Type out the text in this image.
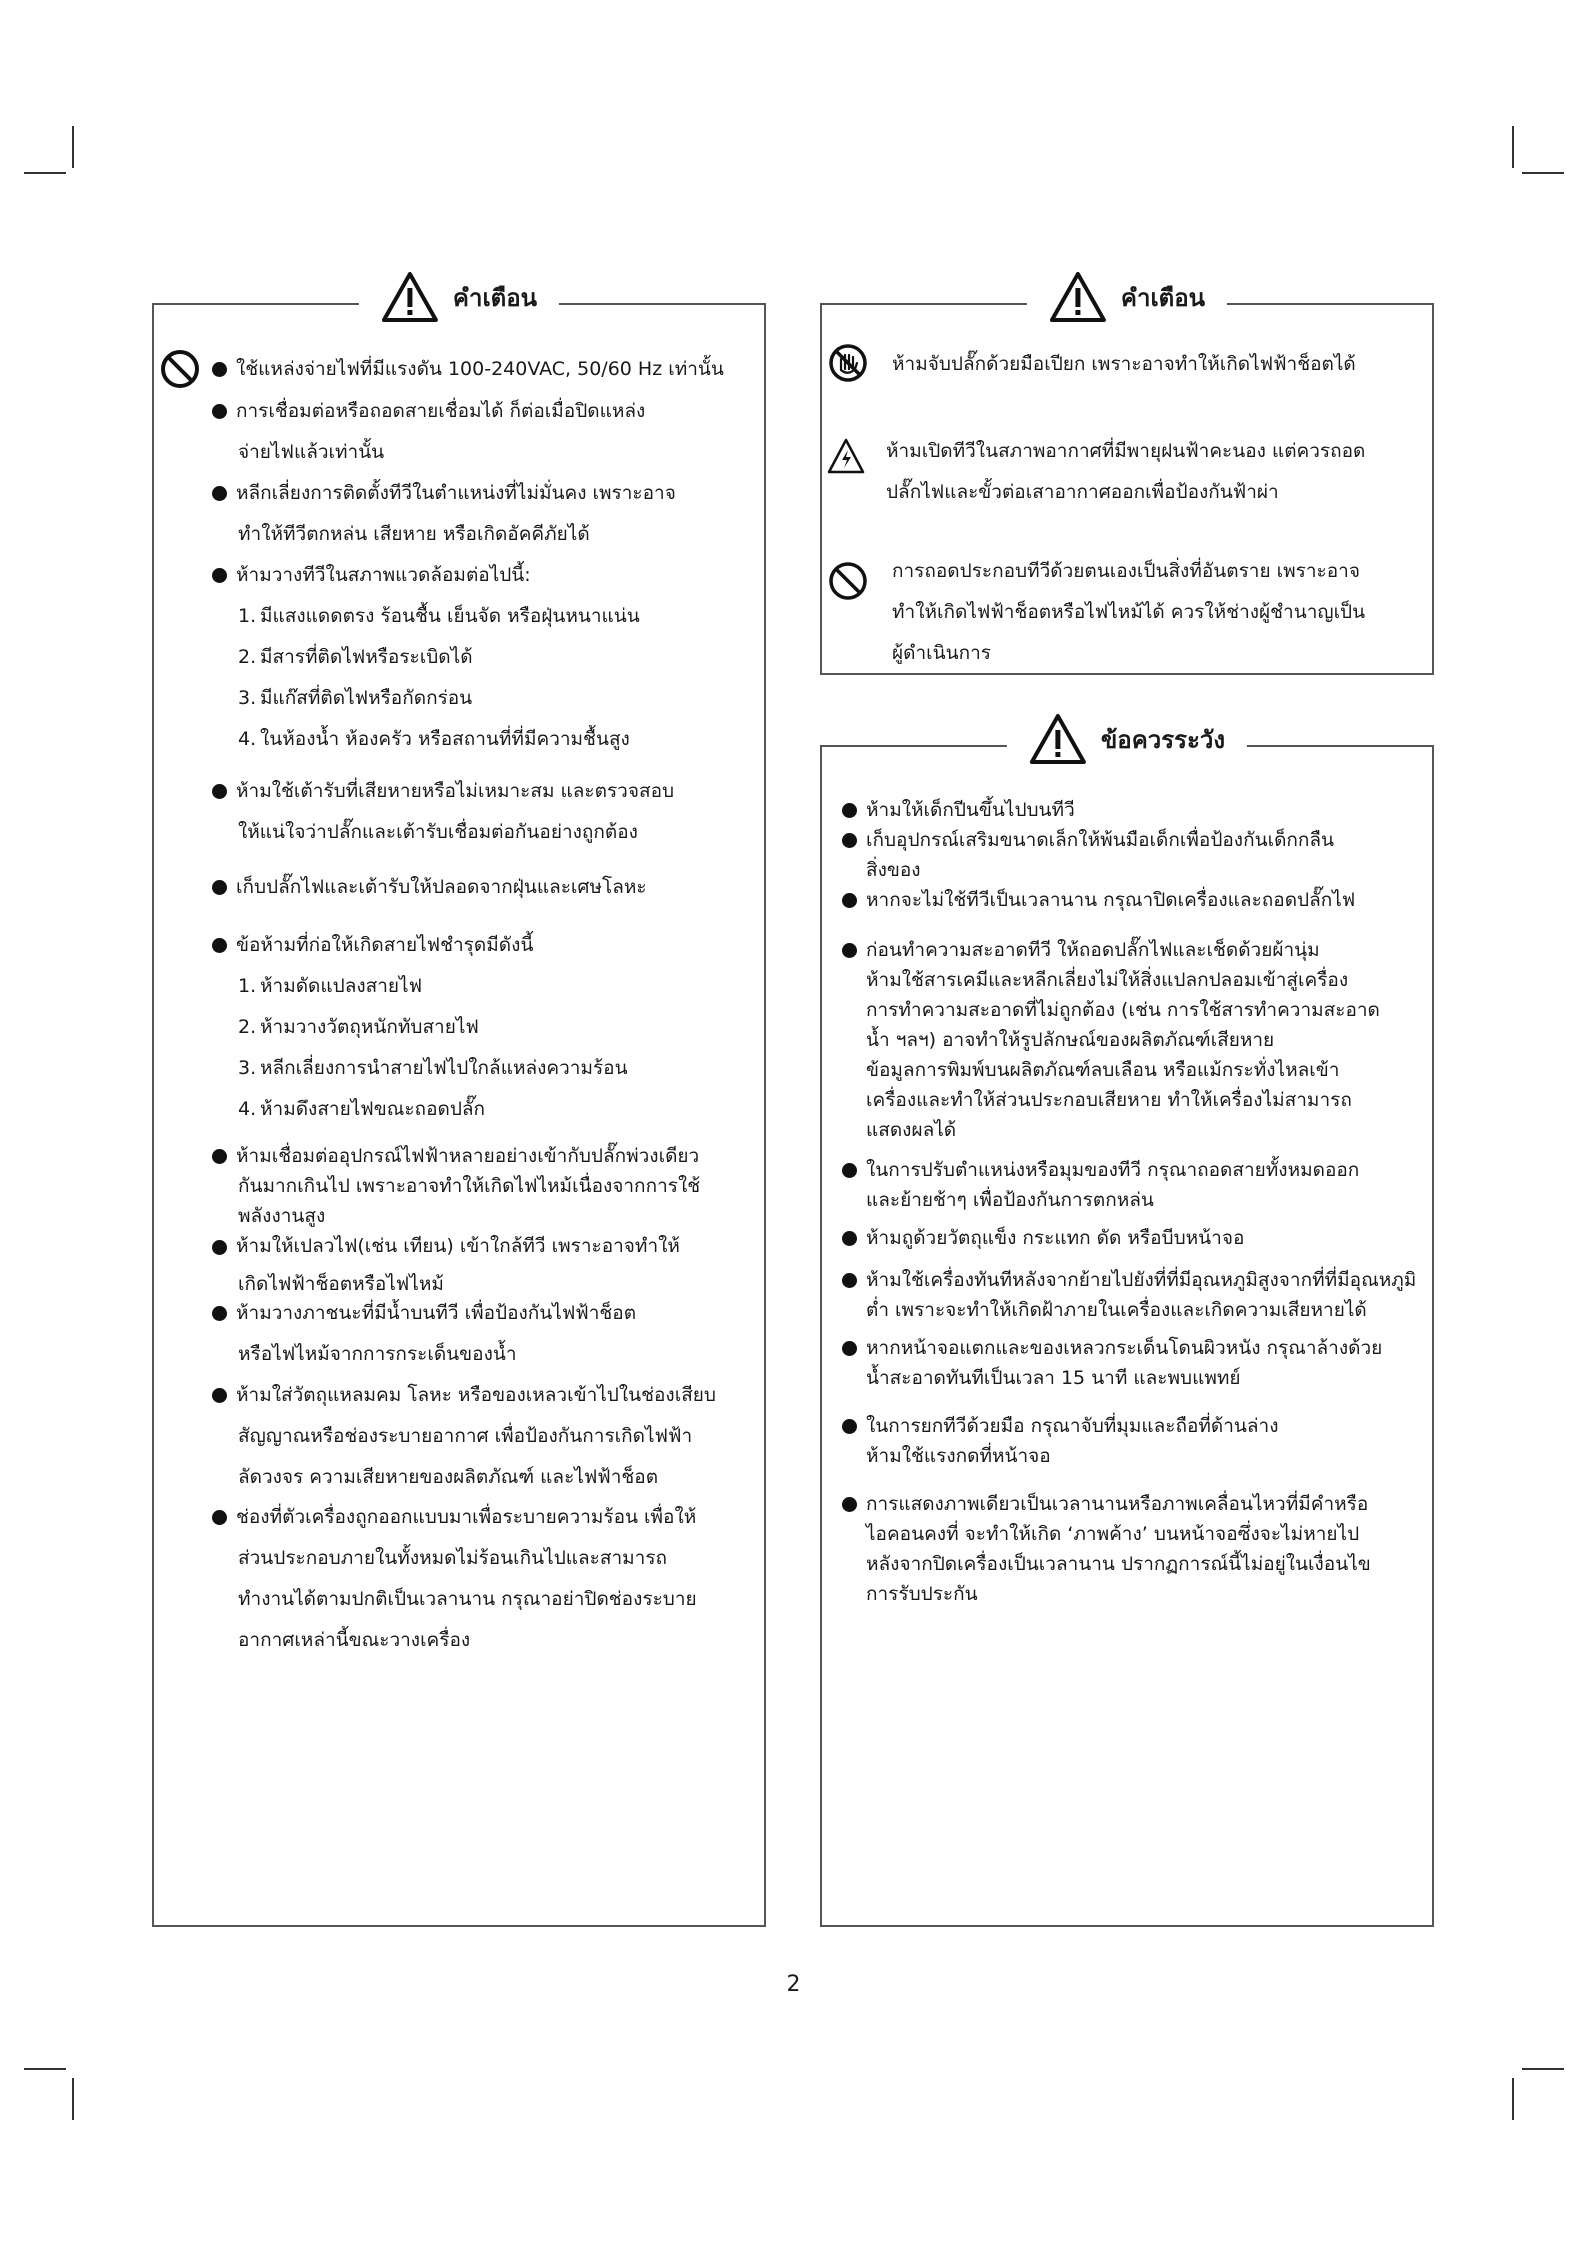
คำเตือน
ใช้แหล่งจ่ายไฟที่มีแรงดัน 100-240VAC, 50/60 Hz เท่านั้น
การเชื่อมต่อหรือถอดสายเชื่อมได้ ก็ต่อเมื่อปิดแหล่ง
จ่ายไฟแล้วเท่านั้น
หลีกเลี่ยงการติดตั้งทีวีในตำแหน่งที่ไม่มั่นคง เพราะอาจ
ทำให้ทีวีตกหล่น เสียหาย หรือเกิดอัคคีภัยได้
ห้ามวางทีวีในสภาพแวดล้อมต่อไปนี้:
1. มีแสงแดดตรง ร้อนชื้น เย็นจัด หรือฝุ่นหนาแน่น
2. มีสารที่ติดไฟหรือระเบิดได้
3. มีแก๊สที่ติดไฟหรือกัดกร่อน
4. ในห้องน้ำ ห้องครัว หรือสถานที่ที่มีความชื้นสูง
ห้ามใช้เต้ารับที่เสียหายหรือไม่เหมาะสม และตรวจสอบ
ให้แน่ใจว่าปลั๊กและเต้ารับเชื่อมต่อกันอย่างถูกต้อง
เก็บปลั๊กไฟและเต้ารับให้ปลอดจากฝุ่นและเศษโลหะ
ข้อห้ามที่ก่อให้เกิดสายไฟชำรุดมีดังนี้
1. ห้ามดัดแปลงสายไฟ
2. ห้ามวางวัตถุหนักทับสายไฟ
3. หลีกเลี่ยงการนำสายไฟไปใกล้แหล่งความร้อน
4. ห้ามดึงสายไฟขณะถอดปลั๊ก
ห้ามเชื่อมต่ออุปกรณ์ไฟฟ้าหลายอย่างเข้ากับปลั๊กพ่วงเดียว
กันมากเกินไป เพราะอาจทำให้เกิดไฟไหม้เนื่องจากการใช้
พลังงานสูง
ห้ามให้เปลวไฟ(เช่น เทียน) เข้าใกล้ทีวี เพราะอาจทำให้
เกิดไฟฟ้าช็อตหรือไฟไหม้
ห้ามวางภาชนะที่มีน้ำบนทีวี เพื่อป้องกันไฟฟ้าช็อต
หรือไฟไหม้จากการกระเด็นของน้ำ
ห้ามใส่วัตถุแหลมคม โลหะ หรือของเหลวเข้าไปในช่องเสียบ
สัญญาณหรือช่องระบายอากาศ เพื่อป้องกันการเกิดไฟฟ้า
ลัดวงจร ความเสียหายของผลิตภัณฑ์ และไฟฟ้าช็อต
ช่องที่ตัวเครื่องถูกออกแบบมาเพื่อระบายความร้อน เพื่อให้
ส่วนประกอบภายในทั้งหมดไม่ร้อนเกินไปและสามารถ
ทำงานได้ตามปกติเป็นเวลานาน กรุณาอย่าปิดช่องระบาย
อากาศเหล่านี้ขณะวางเครื่อง
คำเตือน
ห้ามจับปลั๊กด้วยมือเปียก เพราะอาจทำให้เกิดไฟฟ้าช็อตได้
ห้ามเปิดทีวีในสภาพอากาศที่มีพายุฝนฟ้าคะนอง แต่ควรถอด
ปลั๊กไฟและขั้วต่อเสาอากาศออกเพื่อป้องกันฟ้าผ่า
การถอดประกอบทีวีด้วยตนเองเป็นสิ่งที่อันตราย เพราะอาจ
ทำให้เกิดไฟฟ้าช็อตหรือไฟไหม้ได้ ควรให้ช่างผู้ชำนาญเป็น
ผู้ดำเนินการ
ข้อควรระวัง
ห้ามให้เด็กปีนขึ้นไปบนทีวี
เก็บอุปกรณ์เสริมขนาดเล็กให้พ้นมือเด็กเพื่อป้องกันเด็กกลืน
สิ่งของ
หากจะไม่ใช้ทีวีเป็นเวลานาน กรุณาปิดเครื่องและถอดปลั๊กไฟ
ก่อนทำความสะอาดทีวี ให้ถอดปลั๊กไฟและเช็ดด้วยผ้านุ่ม
ห้ามใช้สารเคมีและหลีกเลี่ยงไม่ให้สิ่งแปลกปลอมเข้าสู่เครื่อง
การทำความสะอาดที่ไม่ถูกต้อง (เช่น การใช้สารทำความสะอาด
น้ำ ฯลฯ) อาจทำให้รูปลักษณ์ของผลิตภัณฑ์เสียหาย
ข้อมูลการพิมพ์บนผลิตภัณฑ์ลบเลือน หรือแม้กระทั่งไหลเข้า
เครื่องและทำให้ส่วนประกอบเสียหาย ทำให้เครื่องไม่สามารถ
แสดงผลได้
ในการปรับตำแหน่งหรือมุมของทีวี กรุณาถอดสายทั้งหมดออก
และย้ายช้าๆ เพื่อป้องกันการตกหล่น
ห้ามถูด้วยวัตถุแข็ง กระแทก ดัด หรือบีบหน้าจอ
ห้ามใช้เครื่องทันทีหลังจากย้ายไปยังที่ที่มีอุณหภูมิสูงจากที่ที่มีอุณหภูมิ
ต่ำ เพราะจะทำให้เกิดฝ้าภายในเครื่องและเกิดความเสียหายได้
หากหน้าจอแตกและของเหลวกระเด็นโดนผิวหนัง กรุณาล้างด้วย
น้ำสะอาดทันทีเป็นเวลา 15 นาที และพบแพทย์
ในการยกทีวีด้วยมือ กรุณาจับที่มุมและถือที่ด้านล่าง
ห้ามใช้แรงกดที่หน้าจอ
การแสดงภาพเดียวเป็นเวลานานหรือภาพเคลื่อนไหวที่มีคำหรือ
ไอคอนคงที่ จะทำให้เกิด ‘ภาพค้าง’ บนหน้าจอซึ่งจะไม่หายไป
หลังจากปิดเครื่องเป็นเวลานาน ปรากฏการณ์นี้ไม่อยู่ในเงื่อนไข
การรับประกัน
2
